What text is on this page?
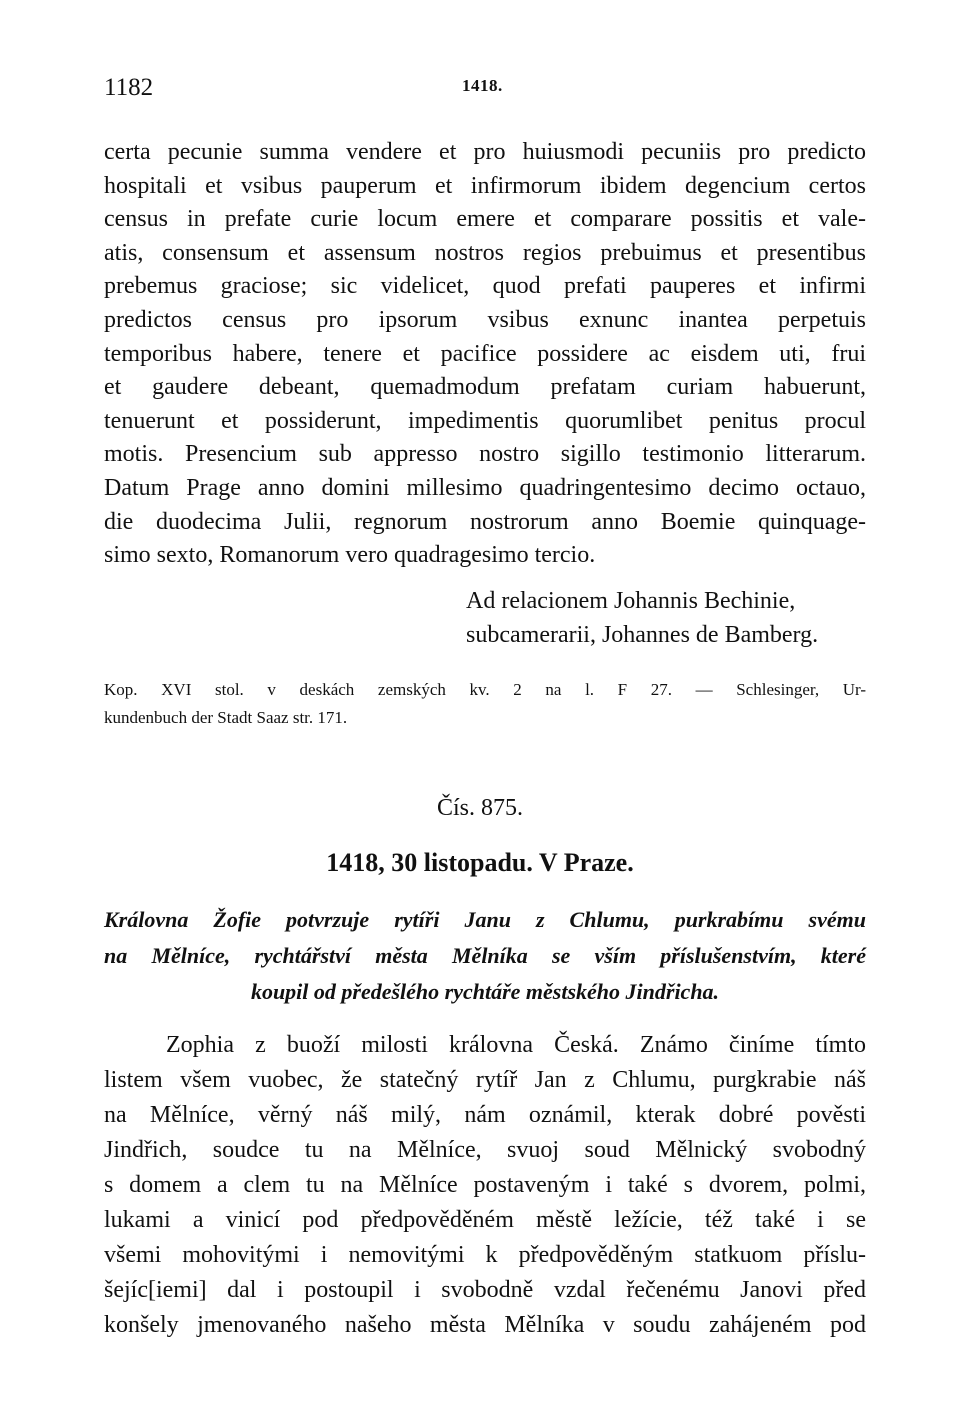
1182	1418.
certa pecunie summa vendere et pro huiusmodi pecuniis pro predicto
hospitali et vsibus pauperum et infirmorum ibidem degencium certos
census in prefate curie locum emere et comparare possitis et vale-
atis, consensum et assensum nostros regios prebuimus et presentibus
prebemus graciose; sic videlicet, quod prefati pauperes et infirmi
predictos census pro ipsorum vsibus exnunc inantea perpetuis
temporibus habere, tenere et pacifice possidere ac eisdem uti, frui
et gaudere debeant, quemadmodum prefatam curiam habuerunt,
tenuerunt et possiderunt, impedimentis quorumlibet penitus procul
motis. Presencium sub appresso nostro sigillo testimonio litterarum.
Datum Prage anno domini millesimo quadringentesimo decimo octauo,
die duodecima Julii, regnorum nostrorum anno Boemie quinquage-
simo sexto, Romanorum vero quadragesimo tercio.
Ad relacionem Johannis Bechinie,
subcamerarii, Johannes de Bamberg.
Kop. XVI stol. v deskách zemských kv. 2 na l. F 27. — Schlesinger, Ur-
kundenbuch der Stadt Saaz str. 171.
Čís. 875.
1418, 30 listopadu. V Praze.
Královna Žofie potvrzuje rytíři Janu z Chlumu, purkrabímu svému
na Mělníce, rychtářství města Mělníka se vším příslušenstvím, které
koupil od předešlého rychtáře městského Jindřicha.
Zophia z buoží milosti královna Česká. Známo činíme tímto
listem všem vuobec, že statečný rytíř Jan z Chlumu, purgkrabie náš
na Mělníce, věrný náš milý, nám oznámil, kterak dobré pověsti
Jindřich, soudce tu na Mělníce, svuoj soud Mělnický svobodný
s domem a clem tu na Mělníce postaveným i také s dvorem, polmi,
lukami a vinicí pod předpověděném městě ležície, též také i se
všemi mohovitými i nemovitými k předpověděným statkuom příslu-
šejíc[iemi] dal i postoupil i svobodně vzdal řečenému Janovi před
konšely jmenovaného našeho města Mělníka v soudu zahájeném pod
